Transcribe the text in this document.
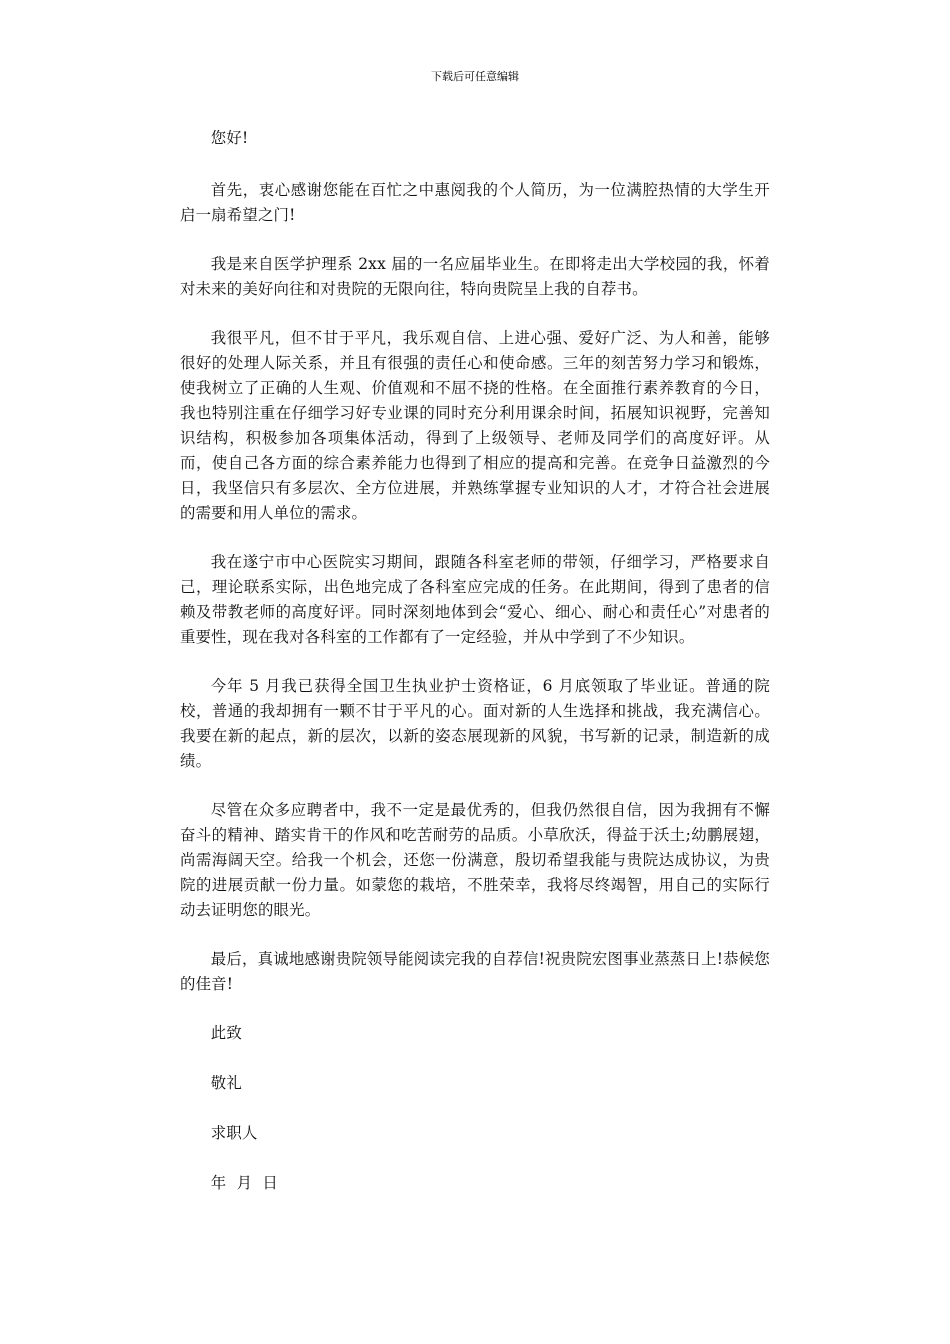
下载后可任意编辑

您好!

首先，衷心感谢您能在百忙之中惠阅我的个人简历，为一位满腔热情的大学生开启一扇希望之门!

我是来自医学护理系 2xx 届的一名应届毕业生。在即将走出大学校园的我，怀着对未来的美好向往和对贵院的无限向往，特向贵院呈上我的自荐书。

我很平凡，但不甘于平凡，我乐观自信、上进心强、爱好广泛、为人和善，能够很好的处理人际关系，并且有很强的责任心和使命感。三年的刻苦努力学习和锻炼，使我树立了正确的人生观、价值观和不屈不挠的性格。在全面推行素养教育的今日，我也特别注重在仔细学习好专业课的同时充分利用课余时间，拓展知识视野，完善知识结构，积极参加各项集体活动，得到了上级领导、老师及同学们的高度好评。从而，使自己各方面的综合素养能力也得到了相应的提高和完善。在竞争日益激烈的今日，我坚信只有多层次、全方位进展，并熟练掌握专业知识的人才，才符合社会进展的需要和用人单位的需求。

我在遂宁市中心医院实习期间，跟随各科室老师的带领，仔细学习，严格要求自己，理论联系实际，出色地完成了各科室应完成的任务。在此期间，得到了患者的信赖及带教老师的高度好评。同时深刻地体到会“爱心、细心、耐心和责任心”对患者的重要性，现在我对各科室的工作都有了一定经验，并从中学到了不少知识。

今年 5 月我已获得全国卫生执业护士资格证，6 月底领取了毕业证。普通的院校，普通的我却拥有一颗不甘于平凡的心。面对新的人生选择和挑战，我充满信心。我要在新的起点，新的层次，以新的姿态展现新的风貌，书写新的记录，制造新的成绩。

尽管在众多应聘者中，我不一定是最优秀的，但我仍然很自信，因为我拥有不懈奋斗的精神、踏实肯干的作风和吃苦耐劳的品质。小草欣沃，得益于沃土;幼鹏展翅，尚需海阔天空。给我一个机会，还您一份满意，殷切希望我能与贵院达成协议，为贵院的进展贡献一份力量。如蒙您的栽培，不胜荣幸，我将尽终竭智，用自己的实际行动去证明您的眼光。

最后，真诚地感谢贵院领导能阅读完我的自荐信!祝贵院宏图事业蒸蒸日上!恭候您的佳音!

此致

敬礼

求职人

年  月  日
